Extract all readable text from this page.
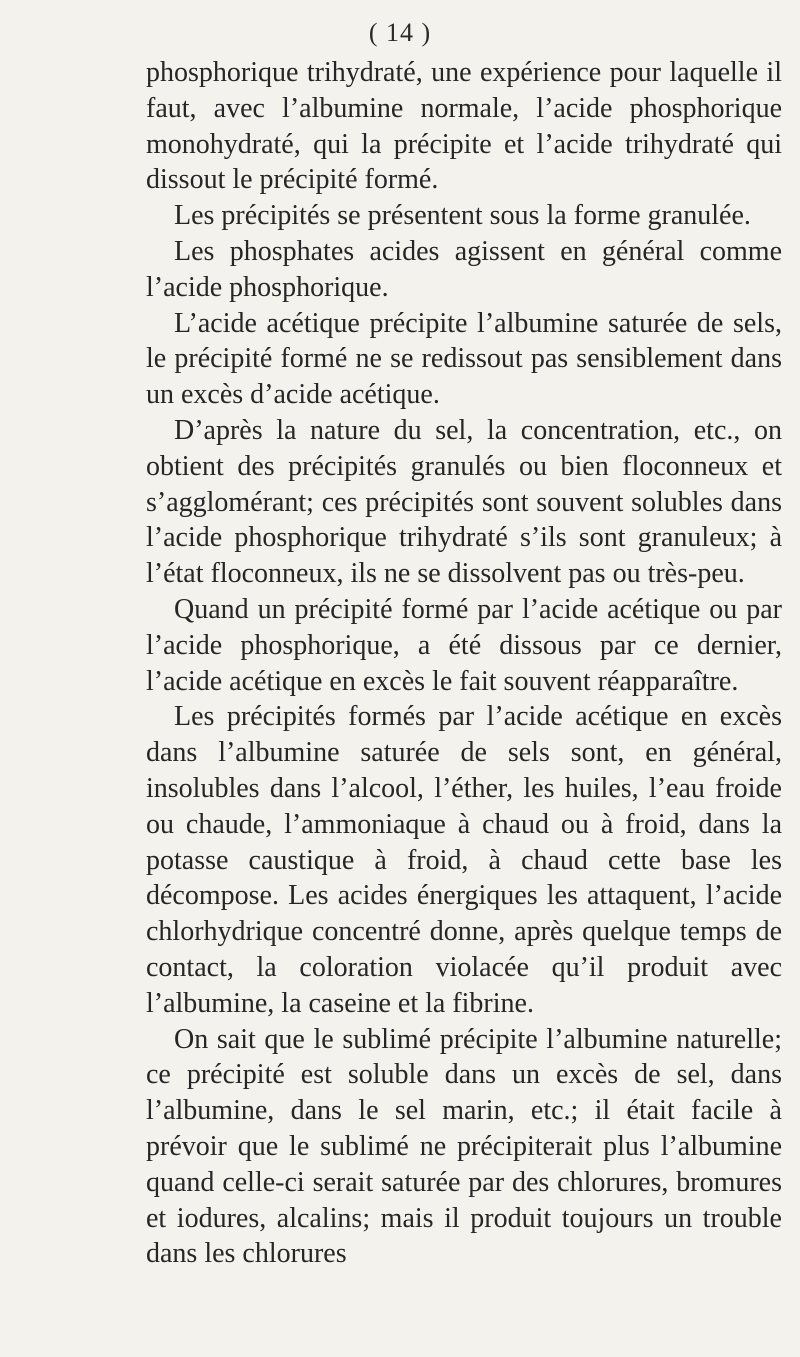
( 14 )

phosphorique trihydraté, une expérience pour laquelle il faut, avec l’albumine normale, l’acide phosphorique monohydraté, qui la précipite et l’acide trihydraté qui dissout le précipité formé.

Les précipités se présentent sous la forme granulée.

Les phosphates acides agissent en général comme l’acide phosphorique.

L’acide acétique précipite l’albumine saturée de sels, le précipité formé ne se redissout pas sensiblement dans un excès d’acide acétique.

D’après la nature du sel, la concentration, etc., on obtient des précipités granulés ou bien floconneux et s’agglomérant; ces précipités sont souvent solubles dans l’acide phosphorique trihydraté s’ils sont granuleux; à l’état floconneux, ils ne se dissolvent pas ou très-peu.

Quand un précipité formé par l’acide acétique ou par l’acide phosphorique, a été dissous par ce dernier, l’acide acétique en excès le fait souvent réapparaître.

Les précipités formés par l’acide acétique en excès dans l’albumine saturée de sels sont, en général, insolubles dans l’alcool, l’éther, les huiles, l’eau froide ou chaude, l’ammoniaque à chaud ou à froid, dans la potasse caustique à froid, à chaud cette base les décompose. Les acides énergiques les attaquent, l’acide chlorhydrique concentré donne, après quelque temps de contact, la coloration violacée qu’il produit avec l’albumine, la caseine et la fibrine.

On sait que le sublimé précipite l’albumine naturelle; ce précipité est soluble dans un excès de sel, dans l’albumine, dans le sel marin, etc.; il était facile à prévoir que le sublimé ne précipiterait plus l’albumine quand celle-ci serait saturée par des chlorures, bromures et iodures, alcalins; mais il produit toujours un trouble dans les chlorures
